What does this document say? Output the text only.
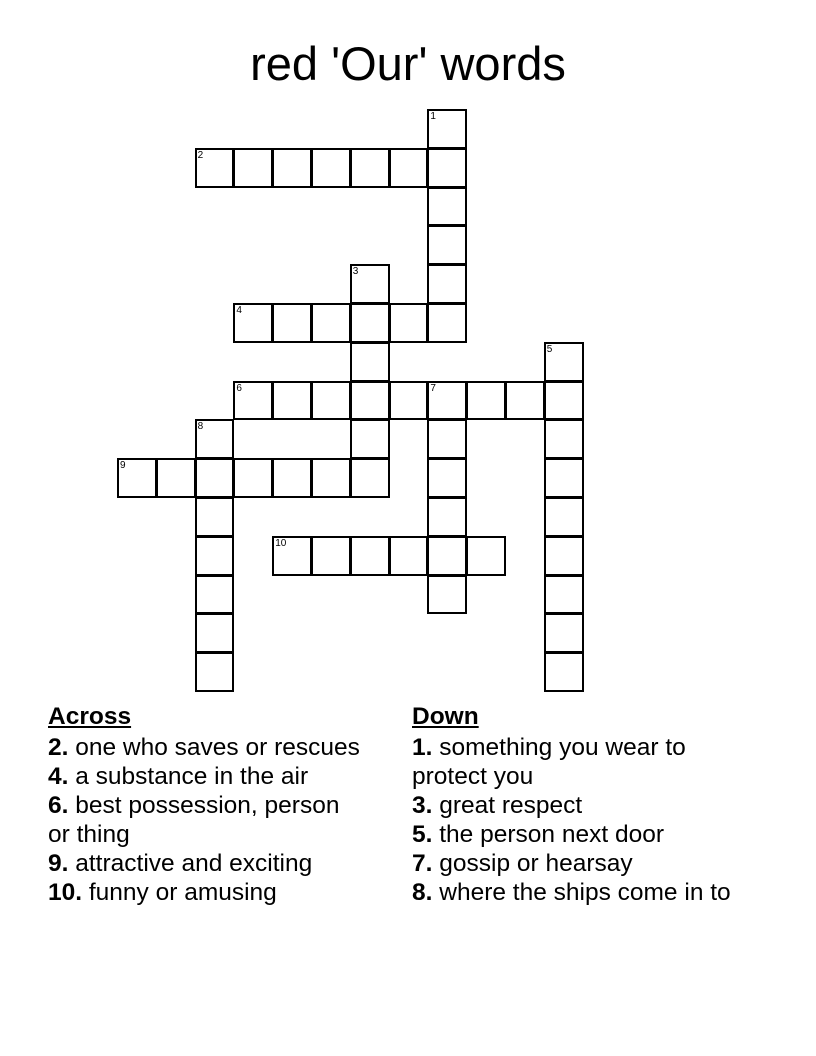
red 'Our' words
1
2
3
4
5
6	7
8
9
10
Across
2. one who saves or rescues
4. a substance in the air
6. best possession, person or thing
9. attractive and exciting
10. funny or amusing
Down
1. something you wear to protect you
3. great respect
5. the person next door
7. gossip or hearsay
8. where the ships come in to
